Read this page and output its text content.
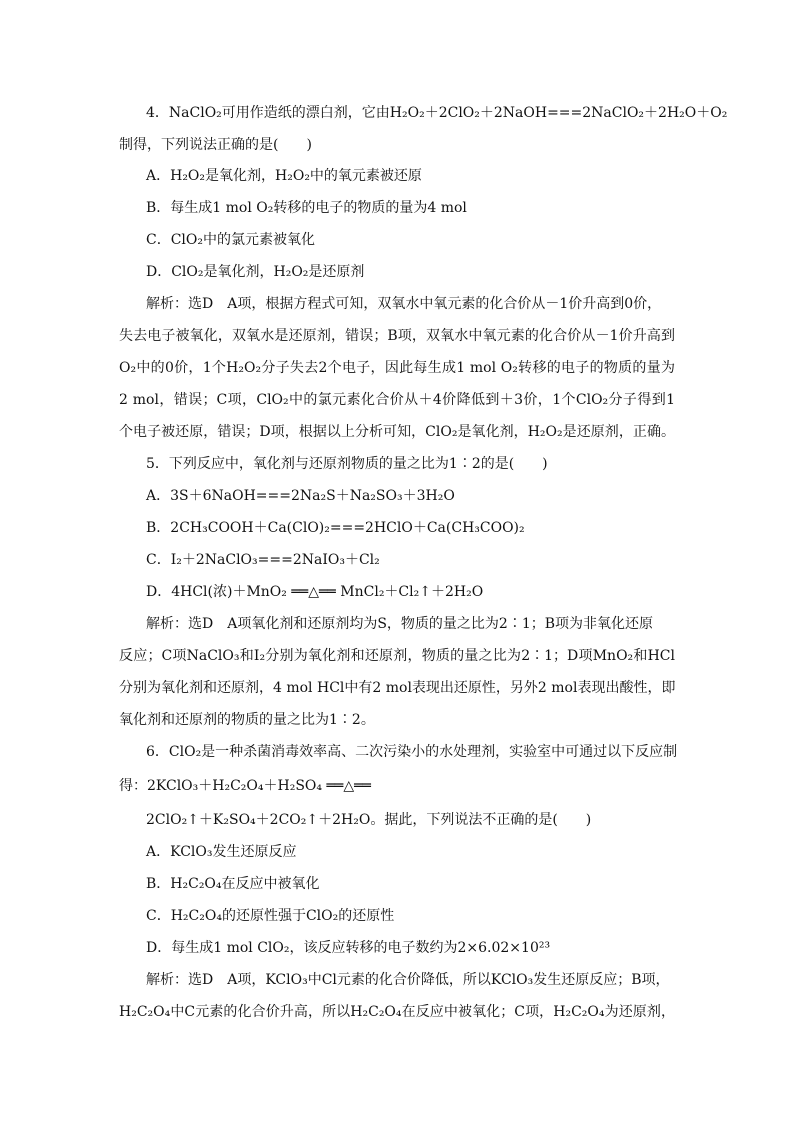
4．NaClO₂可用作造纸的漂白剂，它由H₂O₂＋2ClO₂＋2NaOH===2NaClO₂＋2H₂O＋O₂

制得，下列说法正确的是(　　)

A．H₂O₂是氧化剂，H₂O₂中的氧元素被还原

B．每生成1 mol O₂转移的电子的物质的量为4 mol

C．ClO₂中的氯元素被氧化

D．ClO₂是氧化剂，H₂O₂是还原剂

解析：选D　A项，根据方程式可知，双氧水中氧元素的化合价从－1价升高到0价，

失去电子被氧化，双氧水是还原剂，错误；B项，双氧水中氧元素的化合价从－1价升高到

O₂中的0价，1个H₂O₂分子失去2个电子，因此每生成1 mol O₂转移的电子的物质的量为

2 mol，错误；C项，ClO₂中的氯元素化合价从＋4价降低到＋3价，1个ClO₂分子得到1

个电子被还原，错误；D项，根据以上分析可知，ClO₂是氧化剂，H₂O₂是还原剂，正确。

5．下列反应中，氧化剂与还原剂物质的量之比为1∶2的是(　　)

A．3S＋6NaOH===2Na₂S＋Na₂SO₃＋3H₂O

B．2CH₃COOH＋Ca(ClO)₂===2HClO＋Ca(CH₃COO)₂

C．I₂＋2NaClO₃===2NaIO₃＋Cl₂

D．4HCl(浓)＋MnO₂ ══△══ MnCl₂＋Cl₂↑＋2H₂O

解析：选D　A项氧化剂和还原剂均为S，物质的量之比为2∶1；B项为非氧化还原

反应；C项NaClO₃和I₂分别为氧化剂和还原剂，物质的量之比为2∶1；D项MnO₂和HCl

分别为氧化剂和还原剂，4 mol HCl中有2 mol表现出还原性，另外2 mol表现出酸性，即

氧化剂和还原剂的物质的量之比为1∶2。

6．ClO₂是一种杀菌消毒效率高、二次污染小的水处理剂，实验室中可通过以下反应制

得：2KClO₃＋H₂C₂O₄＋H₂SO₄ ══△══

2ClO₂↑＋K₂SO₄＋2CO₂↑＋2H₂O。据此，下列说法不正确的是(　　)

A．KClO₃发生还原反应

B．H₂C₂O₄在反应中被氧化

C．H₂C₂O₄的还原性强于ClO₂的还原性

D．每生成1 mol ClO₂，该反应转移的电子数约为2×6.02×10²³

解析：选D　A项，KClO₃中Cl元素的化合价降低，所以KClO₃发生还原反应；B项，

H₂C₂O₄中C元素的化合价升高，所以H₂C₂O₄在反应中被氧化；C项，H₂C₂O₄为还原剂，
